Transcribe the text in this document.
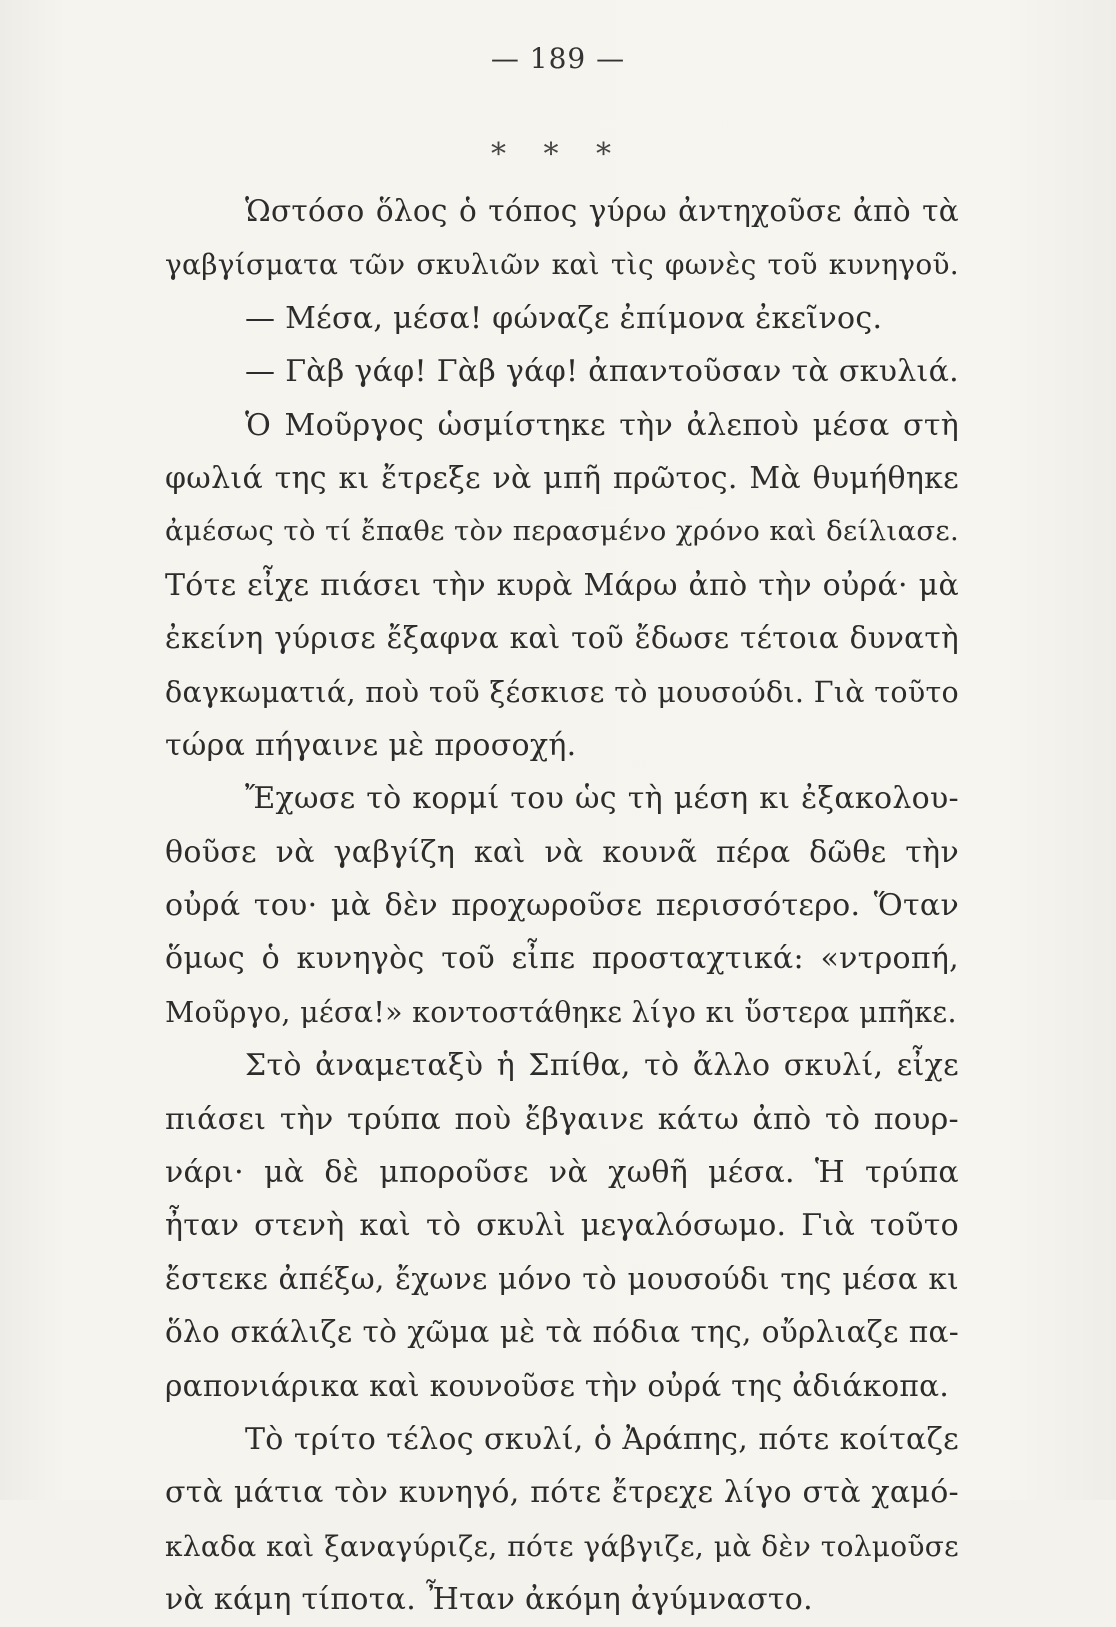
— 189 —
* * *
Ὡστόσο ὅλος ὁ τόπος γύρω ἀντηχοῦσε ἀπὸ τὰ
γαβγίσματα τῶν σκυλιῶν καὶ τὶς φωνὲς τοῦ κυνηγοῦ.
— Μέσα, μέσα! φώναζε ἐπίμονα ἐκεῖνος.
— Γὰβ γάφ! Γὰβ γάφ! ἀπαντοῦσαν τὰ σκυλιά.
Ὁ Μοῦργος ὡσμίστηκε τὴν ἀλεποὺ μέσα στὴ
φωλιά της κι ἔτρεξε νὰ μπῆ πρῶτος. Μὰ θυμήθηκε
ἀμέσως τὸ τί ἔπαθε τὸν περασμένο χρόνο καὶ δείλιασε.
Τότε εἶχε πιάσει τὴν κυρὰ Μάρω ἀπὸ τὴν οὐρά· μὰ
ἐκείνη γύρισε ἔξαφνα καὶ τοῦ ἔδωσε τέτοια δυνατὴ
δαγκωματιά, ποὺ τοῦ ξέσκισε τὸ μουσούδι. Γιὰ τοῦτο
τώρα πήγαινε μὲ προσοχή.
Ἔχωσε τὸ κορμί του ὡς τὴ μέση κι ἐξακολου-
θοῦσε νὰ γαβγίζη καὶ νὰ κουνᾶ πέρα δῶθε τὴν
οὐρά του· μὰ δὲν προχωροῦσε περισσότερο. Ὅταν
ὅμως ὁ κυνηγὸς τοῦ εἶπε προσταχτικά: «ντροπή,
Μοῦργο, μέσα!» κοντοστάθηκε λίγο κι ὕστερα μπῆκε.
Στὸ ἀναμεταξὺ ἡ Σπίθα, τὸ ἄλλο σκυλί, εἶχε
πιάσει τὴν τρύπα ποὺ ἔβγαινε κάτω ἀπὸ τὸ πουρ-
νάρι· μὰ δὲ μποροῦσε νὰ χωθῆ μέσα. Ἡ τρύπα
ἦταν στενὴ καὶ τὸ σκυλὶ μεγαλόσωμο. Γιὰ τοῦτο
ἔστεκε ἀπέξω, ἔχωνε μόνο τὸ μουσούδι της μέσα κι
ὅλο σκάλιζε τὸ χῶμα μὲ τὰ πόδια της, οὔρλιαζε πα-
ραπονιάρικα καὶ κουνοῦσε τὴν οὐρά της ἀδιάκοπα.
Τὸ τρίτο τέλος σκυλί, ὁ Ἀράπης, πότε κοίταζε
στὰ μάτια τὸν κυνηγό, πότε ἔτρεχε λίγο στὰ χαμό-
κλαδα καὶ ξαναγύριζε, πότε γάβγιζε, μὰ δὲν τολμοῦσε
νὰ κάμη τίποτα. Ἦταν ἀκόμη ἀγύμναστο.
